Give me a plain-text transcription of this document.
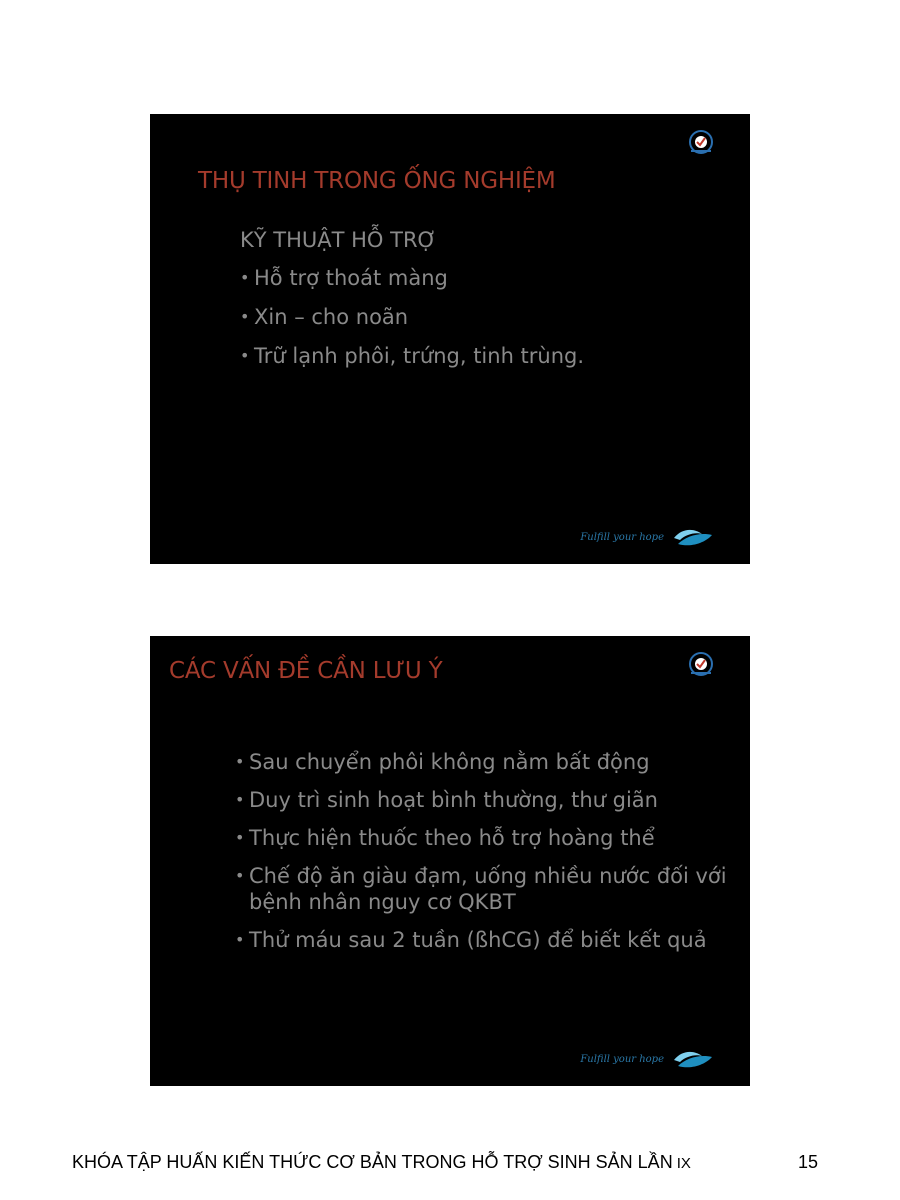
THỤ TINH TRONG ỐNG NGHIỆM
KỸ THUẬT HỖ TRỢ
• Hỗ trợ thoát màng
• Xin – cho noãn
• Trữ lạnh phôi, trứng, tinh trùng.
Fulfill your hope
CÁC VẤN ĐỀ CẦN LƯU Ý
• Sau chuyển phôi không nằm bất động
• Duy trì sinh hoạt bình thường, thư giãn
• Thực hiện thuốc theo hỗ trợ hoàng thể
• Chế độ ăn giàu đạm, uống nhiều nước đối với bệnh nhân nguy cơ QKBT
• Thử máu sau 2 tuần (ßhCG) để biết kết quả
Fulfill your hope
KHÓA TẬP HUẤN KIẾN THỨC CƠ BẢN TRONG HỖ TRỢ SINH SẢN LẦN IX	15
